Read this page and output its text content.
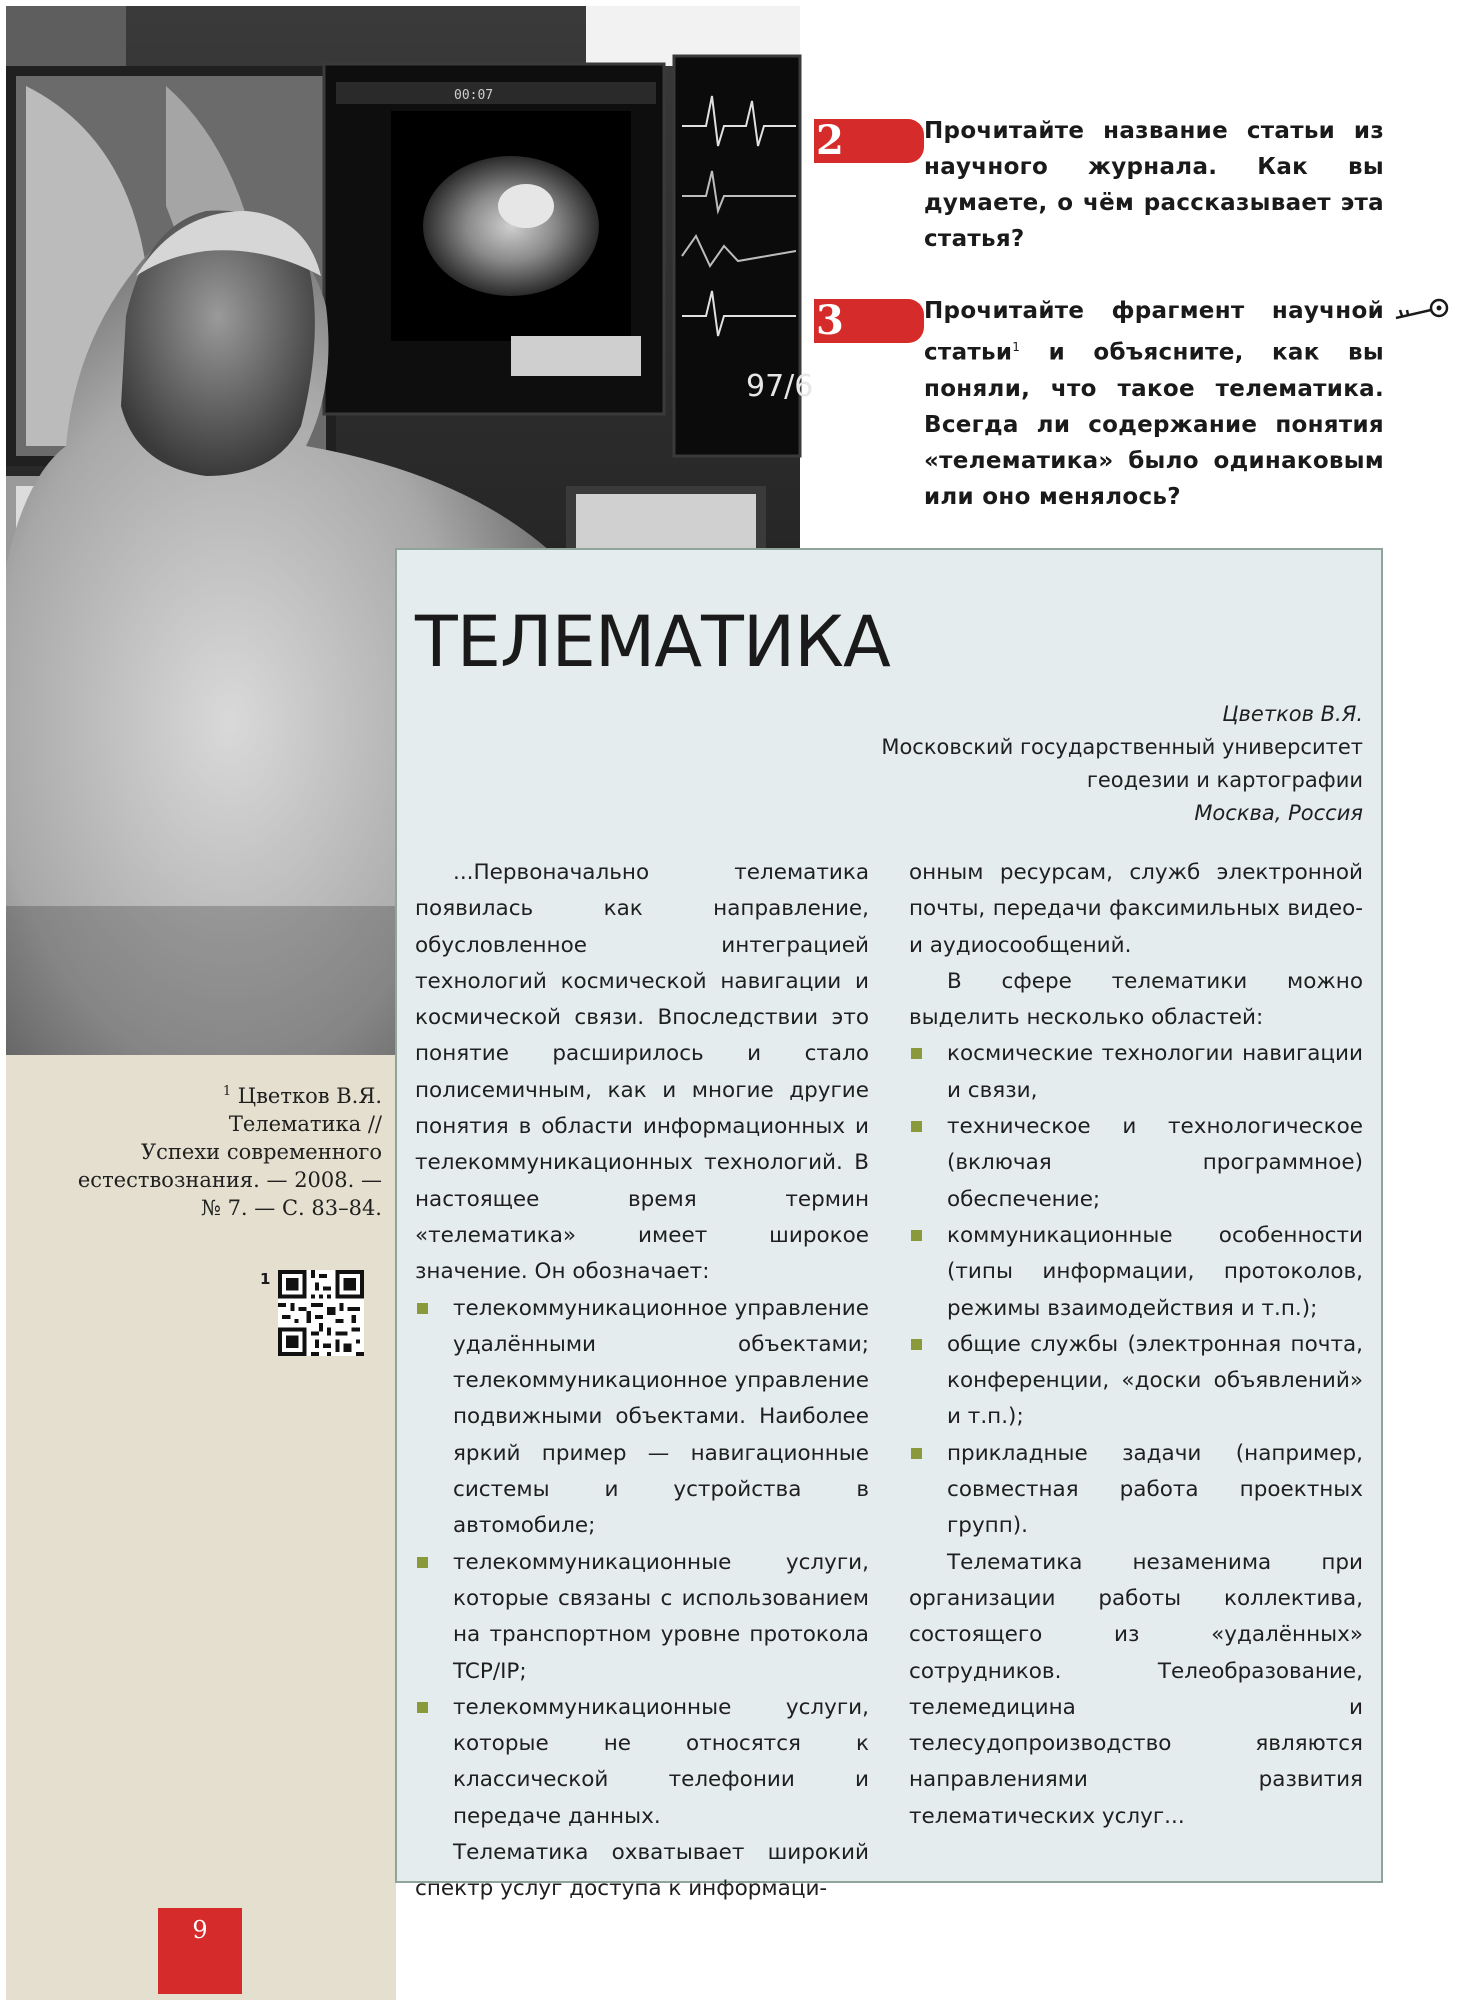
00:07
97/6
2	Прочитайте название статьи из научного журнала. Как вы думаете, о чём рассказывает эта статья?
3	Прочитайте фрагмент научной статьи$^1$ и объясните, как вы поняли, что такое телематика. Всегда ли содержание понятия «телематика» было одинаковым или оно менялось?
ТЕЛЕМАТИКА
Цветков В.Я.
Московский государственный университет
геодезии и картографии
Москва, Россия

...Первоначально телематика появилась как направление, обусловленное интеграцией технологий космической навигации и космической связи. Впоследствии это понятие расширилось и стало полисемичным, как и многие другие понятия в области информационных и телекоммуникационных технологий. В настоящее время термин «телематика» имеет широкое значение. Он обозначает:

телекоммуникационное управление удалёнными объектами; телекоммуникационное управление подвижными объектами. Наиболее яркий пример — навигационные системы и устройства в автомобиле;
телекоммуникационные услуги, которые связаны с использованием на транспортном уровне протокола TCP/IP;
телекоммуникационные услуги, которые не относятся к классической телефонии и передаче данных.

Телематика охватывает широкий спектр услуг доступа к информаци-

онным ресурсам, служб электронной почты, передачи факсимильных видео- и аудиосообщений.

В сфере телематики можно выделить несколько областей:

космические технологии навигации и связи,
техническое и технологическое (включая программное) обеспечение;
коммуникационные особенности (типы информации, протоколов, режимы взаимодействия и т.п.);
общие службы (электронная почта, конференции, «доски объявлений» и т.п.);
прикладные задачи (например, совместная работа проектных групп).

Телематика незаменима при организации работы коллектива, состоящего из «удалённых» сотрудников. Телеобразование, телемедицина и телесудопроизводство являются направлениями развития телематических услуг...

$^1$ Цветков В.Я.
Телематика //
Успехи современного
естествознания. — 2008. —
№ 7. — С. 83–84.
1
9
